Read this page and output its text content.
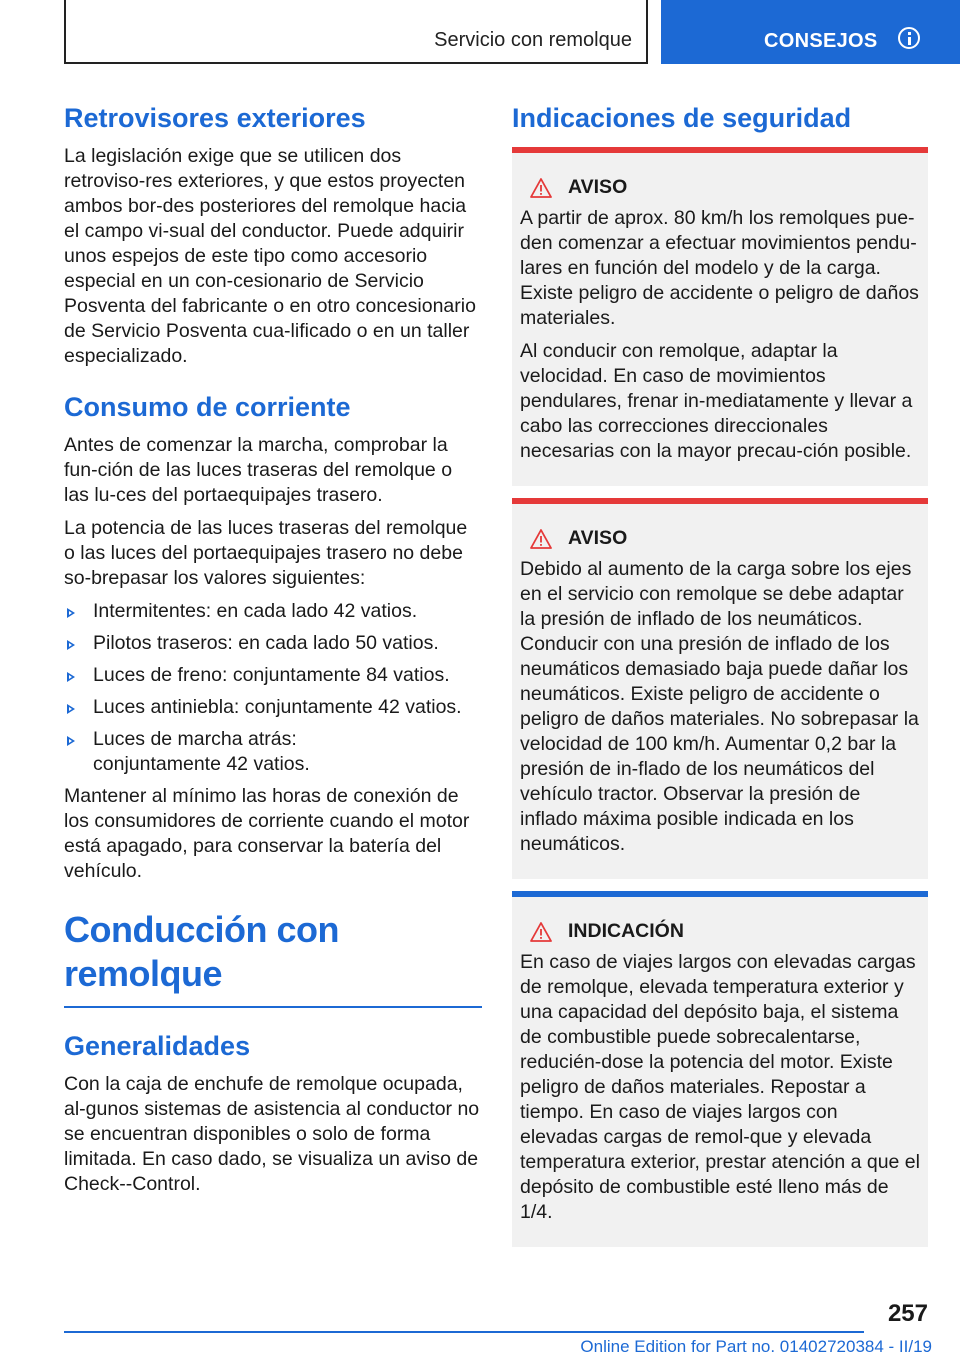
Servicio con remolque	CONSEJOS
Retrovisores exteriores

La legislación exige que se utilicen dos retroviso-res exteriores, y que estos proyecten ambos bor-des posteriores del remolque hacia el campo vi-sual del conductor. Puede adquirir unos espejos de este tipo como accesorio especial en un con-cesionario de Servicio Posventa del fabricante o en otro concesionario de Servicio Posventa cua-lificado o en un taller especializado.

Consumo de corriente

Antes de comenzar la marcha, comprobar la fun-ción de las luces traseras del remolque o las lu-ces del portaequipajes trasero.

La potencia de las luces traseras del remolque o las luces del portaequipajes trasero no debe so-brepasar los valores siguientes:

Intermitentes: en cada lado 42 vatios.
Pilotos traseros: en cada lado 50 vatios.
Luces de freno: conjuntamente 84 vatios.
Luces antiniebla: conjuntamente 42 vatios.
Luces de marcha atrás: conjuntamente 42 vatios.

Mantener al mínimo las horas de conexión de los consumidores de corriente cuando el motor está apagado, para conservar la batería del vehículo.

Conducción con remolque
Generalidades

Con la caja de enchufe de remolque ocupada, al-gunos sistemas de asistencia al conductor no se encuentran disponibles o solo de forma limitada. En caso dado, se visualiza un aviso de Check--Control.

Indicaciones de seguridad
AVISO

A partir de aprox. 80 km/h los remolques pue-den comenzar a efectuar movimientos pendu-lares en función del modelo y de la carga. Existe peligro de accidente o peligro de daños materiales.

Al conducir con remolque, adaptar la velocidad. En caso de movimientos pendulares, frenar in-mediatamente y llevar a cabo las correcciones direccionales necesarias con la mayor precau-ción posible.

AVISO

Debido al aumento de la carga sobre los ejes en el servicio con remolque se debe adaptar la presión de inflado de los neumáticos. Conducir con una presión de inflado de los neumáticos demasiado baja puede dañar los neumáticos. Existe peligro de accidente o peligro de daños materiales. No sobrepasar la velocidad de 100 km/h. Aumentar 0,2 bar la presión de in-flado de los neumáticos del vehículo tractor. Observar la presión de inflado máxima posible indicada en los neumáticos.

INDICACIÓN

En caso de viajes largos con elevadas cargas de remolque, elevada temperatura exterior y una capacidad del depósito baja, el sistema de combustible puede sobrecalentarse, reducién-dose la potencia del motor. Existe peligro de daños materiales. Repostar a tiempo. En caso de viajes largos con elevadas cargas de remol-que y elevada temperatura exterior, prestar atención a que el depósito de combustible esté lleno más de 1/4.

257
Online Edition for Part no. 01402720384 - II/19
